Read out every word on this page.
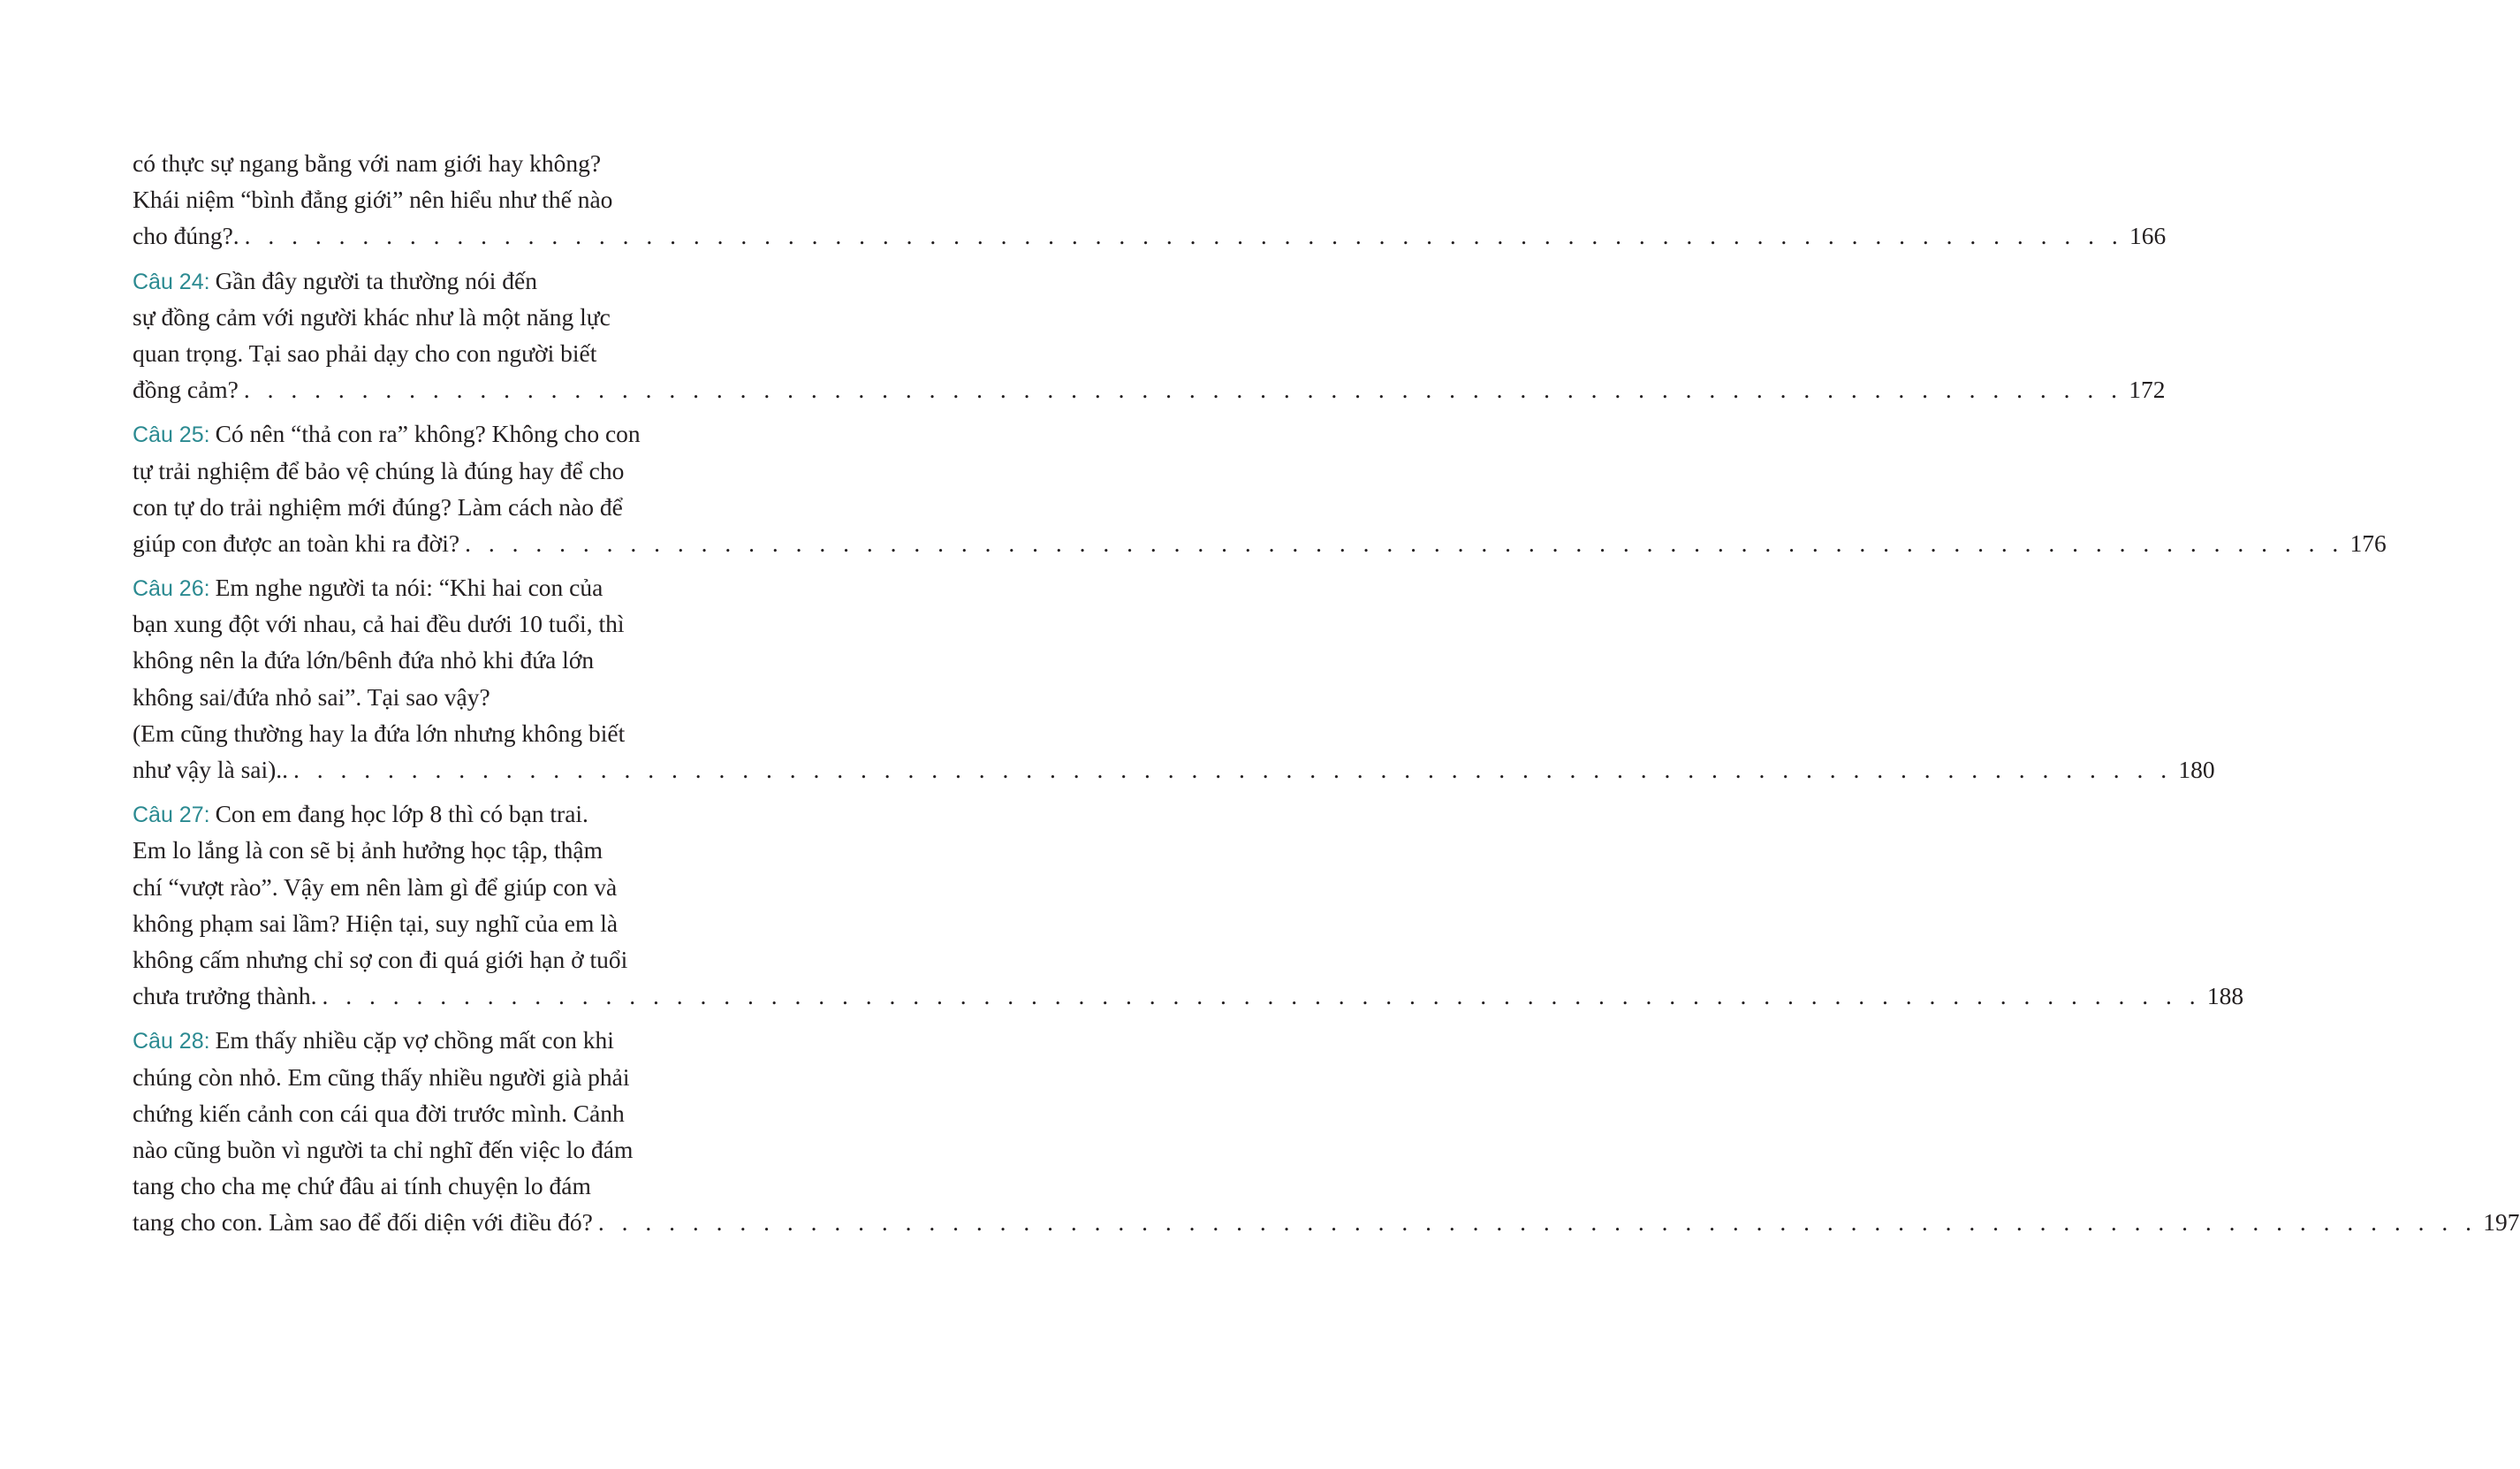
có thực sự ngang bằng với nam giới hay không?
Khái niệm “bình đẳng giới” nên hiểu như thế nào
cho đúng?. . . . . . . . . . . . . . . . . . . . . . . . . . . . . . . . . . . . . . . . . . . . . . . . . . . . . . . . . . . . . . . . . . . . . . . . . . . . . . . . . 166
Câu 24: Gần đây người ta thường nói đến
sự đồng cảm với người khác như là một năng lực
quan trọng. Tại sao phải dạy cho con người biết
đồng cảm? . . . . . . . . . . . . . . . . . . . . . . . . . . . . . . . . . . . . . . . . . . . . . . . . . . . . . . . . . . . . . . . . . . . . . . . . . . . . . . . . 172
Câu 25: Có nên “thả con ra” không? Không cho con
tự trải nghiệm để bảo vệ chúng là đúng hay để cho
con tự do trải nghiệm mới đúng? Làm cách nào để
giúp con được an toàn khi ra đời? . . . . . . . . . . . . . . . . . . . . . . . . . . . . . . . . . . . . . . . . . . . . . . . . . . . . . . . . . . . . . . . . . . . . . . . . . . . . . . . . 176
Câu 26: Em nghe người ta nói: “Khi hai con của
bạn xung đột với nhau, cả hai đều dưới 10 tuổi, thì
không nên la đứa lớn/bênh đứa nhỏ khi đứa lớn
không sai/đứa nhỏ sai”. Tại sao vậy?
(Em cũng thường hay la đứa lớn nhưng không biết
như vậy là sai).. . . . . . . . . . . . . . . . . . . . . . . . . . . . . . . . . . . . . . . . . . . . . . . . . . . . . . . . . . . . . . . . . . . . . . . . . . . . . . . . . 180
Câu 27: Con em đang học lớp 8 thì có bạn trai.
Em lo lắng là con sẽ bị ảnh hưởng học tập, thậm
chí “vượt rào”. Vậy em nên làm gì để giúp con và
không phạm sai lầm? Hiện tại, suy nghĩ của em là
không cấm nhưng chỉ sợ con đi quá giới hạn ở tuổi
chưa trưởng thành. . . . . . . . . . . . . . . . . . . . . . . . . . . . . . . . . . . . . . . . . . . . . . . . . . . . . . . . . . . . . . . . . . . . . . . . . . . . . . . . . 188
Câu 28: Em thấy nhiều cặp vợ chồng mất con khi
chúng còn nhỏ. Em cũng thấy nhiều người già phải
chứng kiến cảnh con cái qua đời trước mình. Cảnh
nào cũng buồn vì người ta chỉ nghĩ đến việc lo đám
tang cho cha mẹ chứ đâu ai tính chuyện lo đám
tang cho con. Làm sao để đối diện với điều đó? . . . . . . . . . . . . . . . . . . . . . . . . . . . . . . . . . . . . . . . . . . . . . . . . . . . . . . . . . . . . . . . . . . . . . . . . . . . . . . . . 197
